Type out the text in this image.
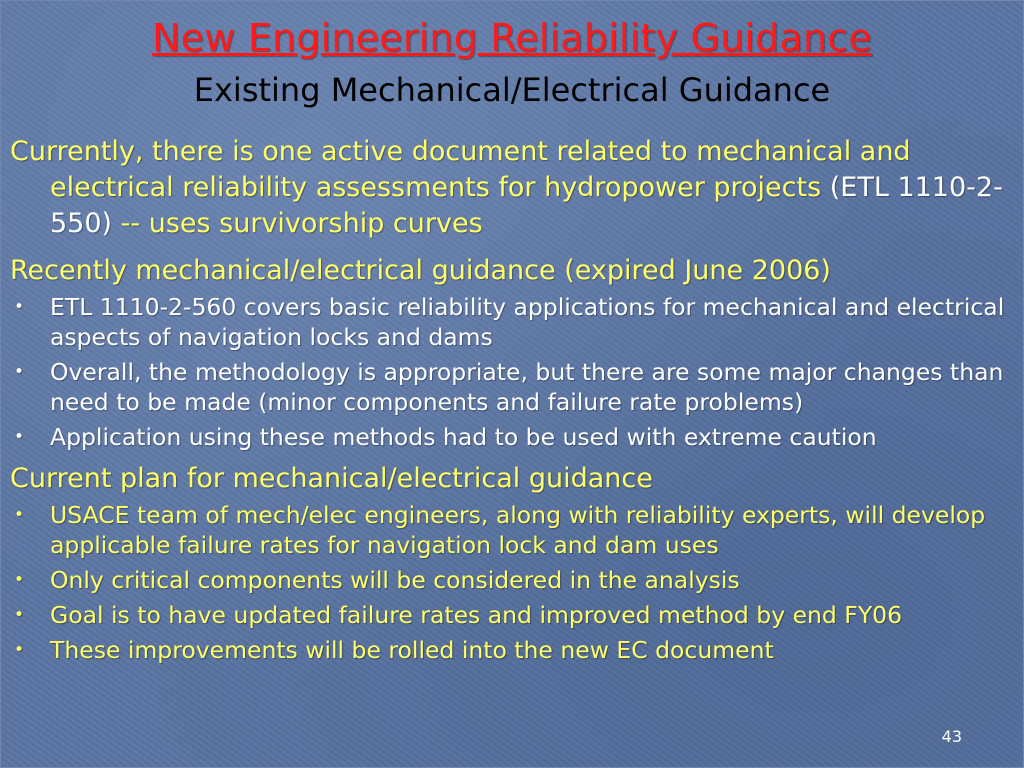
New Engineering Reliability Guidance
Existing Mechanical/Electrical Guidance

Currently, there is one active document related to mechanical and electrical reliability assessments for hydropower projects (ETL 1110-2-550) -- uses survivorship curves

Recently mechanical/electrical guidance (expired June 2006)
• ETL 1110-2-560 covers basic reliability applications for mechanical and electrical aspects of navigation locks and dams
• Overall, the methodology is appropriate, but there are some major changes than need to be made (minor components and failure rate problems)
• Application using these methods had to be used with extreme caution
Current plan for mechanical/electrical guidance
• USACE team of mech/elec engineers, along with reliability experts, will develop applicable failure rates for navigation lock and dam uses
• Only critical components will be considered in the analysis
• Goal is to have updated failure rates and improved method by end FY06
• These improvements will be rolled into the new EC document
43
